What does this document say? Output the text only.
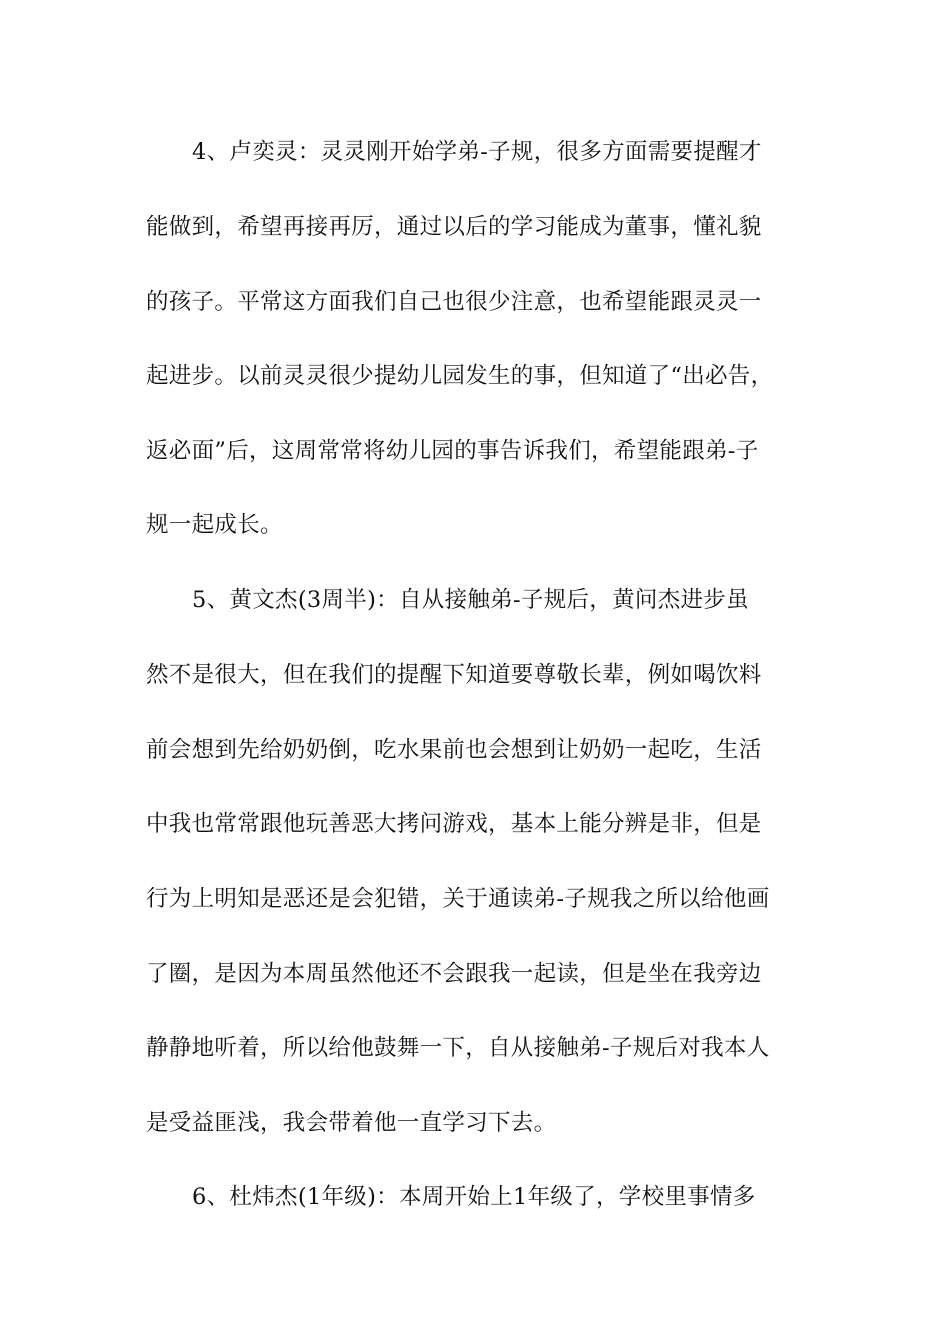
4、卢奕灵：灵灵刚开始学弟-子规，很多方面需要提醒才
能做到，希望再接再厉，通过以后的学习能成为董事，懂礼貌
的孩子。平常这方面我们自己也很少注意，也希望能跟灵灵一
起进步。以前灵灵很少提幼儿园发生的事，但知道了“出必告，
返必面”后，这周常常将幼儿园的事告诉我们，希望能跟弟-子
规一起成长。
5、黄文杰(3周半)：自从接触弟-子规后，黄问杰进步虽
然不是很大，但在我们的提醒下知道要尊敬长辈，例如喝饮料
前会想到先给奶奶倒，吃水果前也会想到让奶奶一起吃，生活
中我也常常跟他玩善恶大拷问游戏，基本上能分辨是非，但是
行为上明知是恶还是会犯错，关于通读弟-子规我之所以给他画
了圈，是因为本周虽然他还不会跟我一起读，但是坐在我旁边
静静地听着，所以给他鼓舞一下，自从接触弟-子规后对我本人
是受益匪浅，我会带着他一直学习下去。
6、杜炜杰(1年级)：本周开始上1年级了，学校里事情多
